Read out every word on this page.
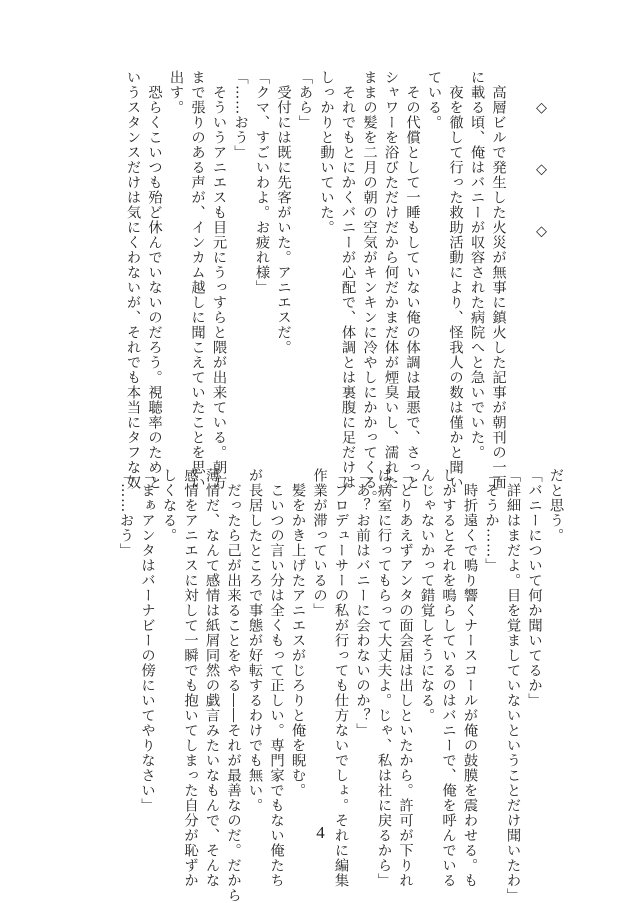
　　◇　　　◇　　　◇

　高層ビルで発生した火災が無事に鎮火した記事が朝刊の一面
に載る頃、俺はバニーが収容された病院へと急いでいた。
　夜を徹して行った救助活動により、怪我人の数は僅かと聞い
ている。
　その代償として一睡もしていない俺の体調は最悪で、さっと
シャワーを浴びただけだから何だかまだ体が煙臭いし、濡れた
ままの髪を二月の朝の空気がキンキンに冷やしにかかってくる。
　それでもとにかくバニーが心配で、体調とは裏腹に足だけは
しっかりと動いていた。
「あら」
　受付には既に先客がいた。アニエスだ。
「クマ、すごいわよ。お疲れ様」
「……おう」
　そういうアニエスも目元にうっすらと隈が出来ている。朝方
まで張りのある声が、インカム越しに聞こえていたことを思い
出す。
　恐らくこいつも殆ど休んでいないのだろう。視聴率のためと
いうスタンスだけは気にくわないが、それでも本当にタフな奴
だと思う。
「バニーについて何か聞いてるか」
「詳細はまだよ。目を覚ましていないということだけ聞いたわ」
「そうか……」
　時折遠くで鳴り響くナースコールが俺の鼓膜を震わせる。も
しかするとそれを鳴らしているのはバニーで、俺を呼んでいる
んじゃないかって錯覚しそうになる。
「とりあえずアンタの面会届は出しといたから。許可が下りれ
ば病室に行ってもらって大丈夫よ。じゃ、私は社に戻るから」
「あ？お前はバニーに会わないのか？」
「プロデューサーの私が行っても仕方ないでしょ。それに編集
作業が滞っているの」
　髪をかき上げたアニエスがじろりと俺を睨む。
　こいつの言い分は全くもって正しい。専門家でもない俺たち
が長居したところで事態が好転するわけでも無い。
　だったら己が出来ることをやる――それが最善なのだ。だから
薄情だ、なんて感情は紙屑同然の戯言みたいなもんで、そんな
感情をアニエスに対して一瞬でも抱いてしまった自分が恥ずか
しくなる。
「まぁアンタはバーナビーの傍にいてやりなさい」
「……おう」
4
